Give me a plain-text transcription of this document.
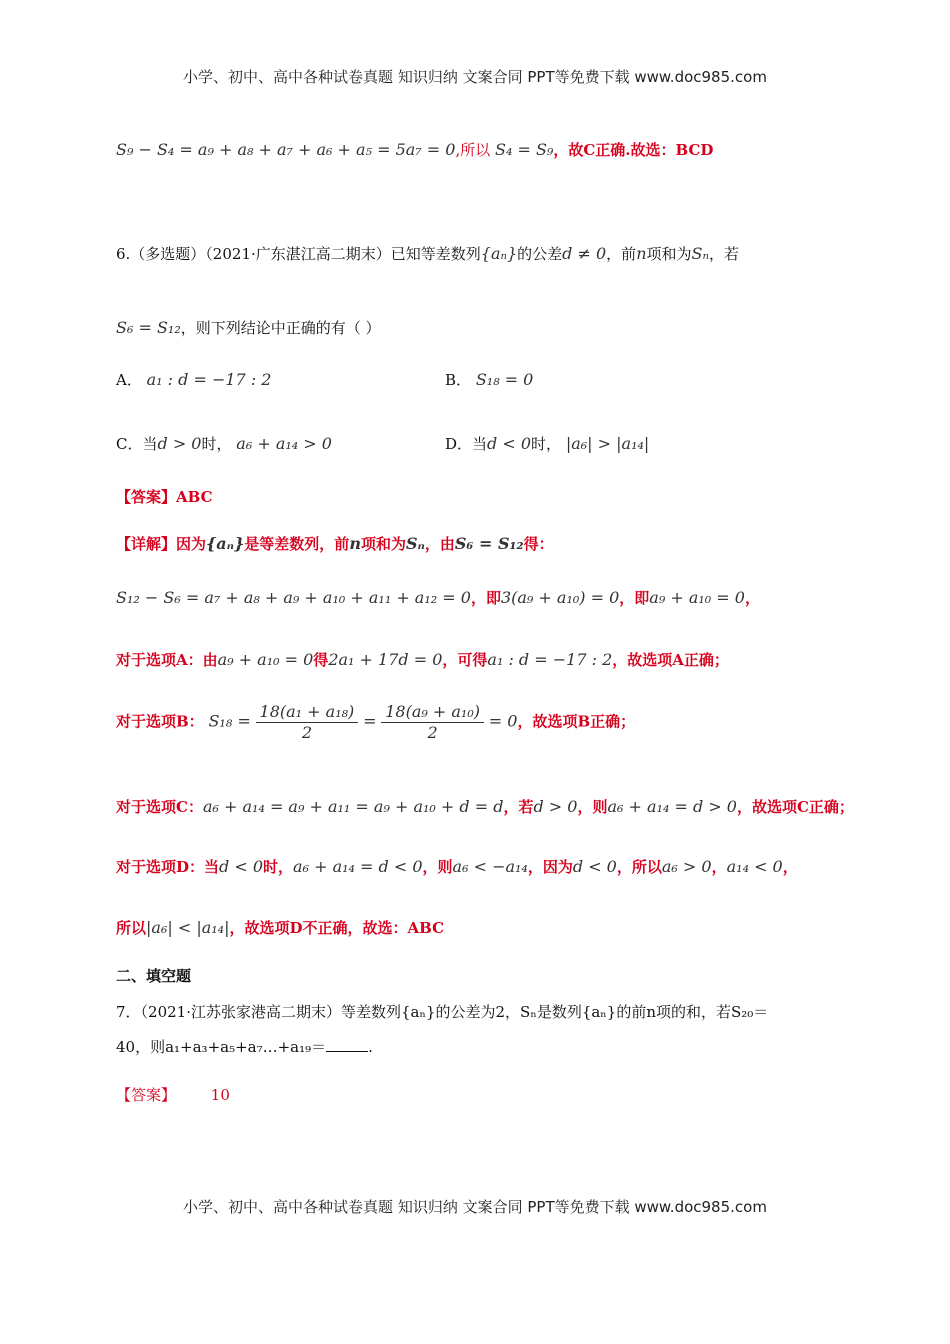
小学、初中、高中各种试卷真题 知识归纳 文案合同 PPT等免费下载 www.doc985.com
S₉ − S₄ = a₉ + a₈ + a₇ + a₆ + a₅ = 5a₇ = 0,所以 S₄ = S₉，故C正确.故选：BCD
6.（多选题）（2021·广东湛江高二期末）已知等差数列{aₙ}的公差d ≠ 0，前n项和为Sₙ，若
S₆ = S₁₂，则下列结论中正确的有（ ）
A． a₁ : d = −17 : 2	B． S₁₈ = 0
C．当d > 0时， a₆ + a₁₄ > 0	D．当d < 0时， |a₆| > |a₁₄|
【答案】ABC
【详解】因为{aₙ}是等差数列，前n项和为Sₙ，由S₆ = S₁₂得：
S₁₂ − S₆ = a₇ + a₈ + a₉ + a₁₀ + a₁₁ + a₁₂ = 0，即3(a₉ + a₁₀) = 0，即a₉ + a₁₀ = 0，
对于选项A：由a₉ + a₁₀ = 0得2a₁ + 17d = 0，可得a₁ : d = −17 : 2，故选项A正确；
对于选项B： $S_{18} = \frac{\text{18(a₁ + a₁₈)}}{2} = \frac{\text{18(a₉ + a₁₀)}}{2} = 0$，故选项B正确；
对于选项C：a₆ + a₁₄ = a₉ + a₁₁ = a₉ + a₁₀ + d = d，若d > 0，则a₆ + a₁₄ = d > 0，故选项C正确；
对于选项D：当d < 0时，a₆ + a₁₄ = d < 0，则a₆ < −a₁₄，因为d < 0，所以a₆ > 0，a₁₄ < 0，
所以|a₆| < |a₁₄|，故选项D不正确，故选：ABC
二、填空题
7．（2021·江苏张家港高二期末）等差数列{aₙ}的公差为2，Sₙ是数列{aₙ}的前n项的和，若S₂₀＝
40，则a₁+a₃+a₅+a₇…+a₁₉＝	.
【答案】 10
小学、初中、高中各种试卷真题 知识归纳 文案合同 PPT等免费下载 www.doc985.com
